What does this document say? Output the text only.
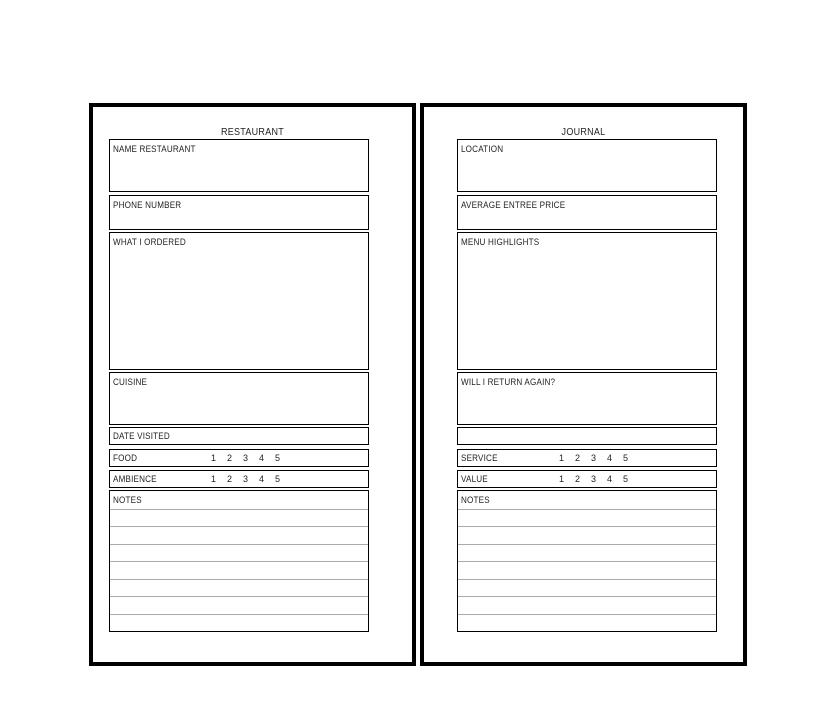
RESTAURANT
NAME RESTAURANT
PHONE NUMBER
WHAT I ORDERED
CUISINE
DATE VISITED
FOOD	1 2 3 4 5
AMBIENCE	1 2 3 4 5
NOTES
JOURNAL
LOCATION
AVERAGE ENTREE PRICE
MENU HIGHLIGHTS
WILL I RETURN AGAIN?
SERVICE	1 2 3 4 5
VALUE	1 2 3 4 5
NOTES
